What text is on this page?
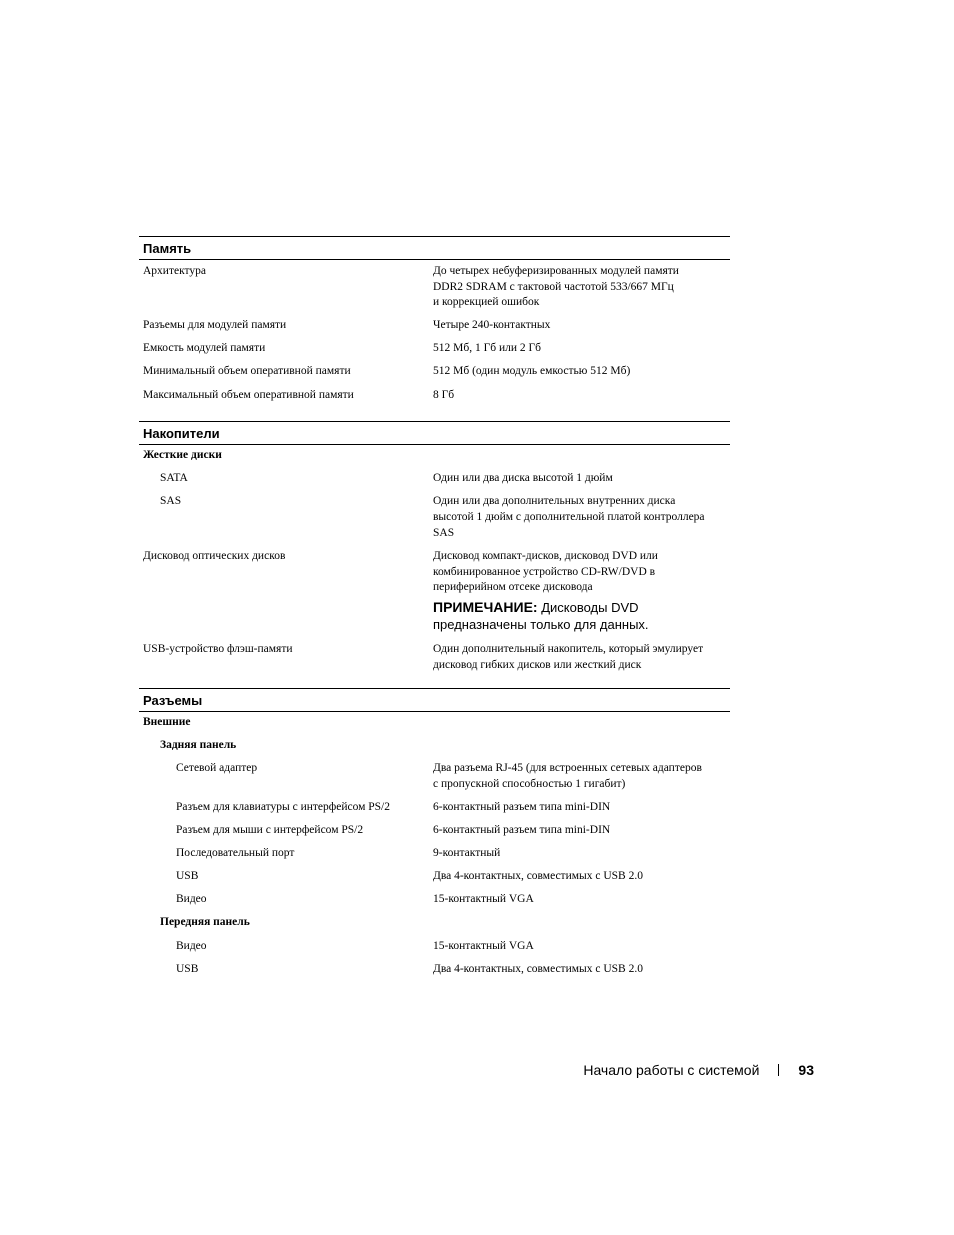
Память
Архитектура	До четырех небуферизированных модулей памяти
DDR2 SDRAM с тактовой частотой 533/667 МГц
и коррекцией ошибок
Разъемы для модулей памяти	Четыре 240-контактных
Емкость модулей памяти	512 Мб, 1 Гб или 2 Гб
Минимальный объем оперативной памяти	512 Мб (один модуль емкостью 512 Мб)
Максимальный объем оперативной памяти	8 Гб
Накопители
Жесткие диски
SATA	Один или два диска высотой 1 дюйм
SAS	Один или два дополнительных внутренних диска
высотой 1 дюйм с дополнительной платой контроллера
SAS
Дисковод оптических дисков	Дисковод компакт-дисков, дисковод DVD или
комбинированное устройство CD-RW/DVD в
периферийном отсеке дисковода
ПРИМЕЧАНИЕ: Дисководы DVD
предназначены только для данных.
USB-устройство флэш-памяти	Один дополнительный накопитель, который эмулирует
дисковод гибких дисков или жесткий диск
Разъемы
Внешние
Задняя панель
Сетевой адаптер	Два разъема RJ-45 (для встроенных сетевых адаптеров
с пропускной способностью 1 гигабит)
Разъем для клавиатуры с интерфейсом PS/2	6-контактный разъем типа mini-DIN
Разъем для мыши с интерфейсом PS/2	6-контактный разъем типа mini-DIN
Последовательный порт	9-контактный
USB	Два 4-контактных, совместимых с USB 2.0
Видео	15-контактный VGA
Передняя панель
Видео	15-контактный VGA
USB	Два 4-контактных, совместимых с USB 2.0
Начало работы с системой	93
